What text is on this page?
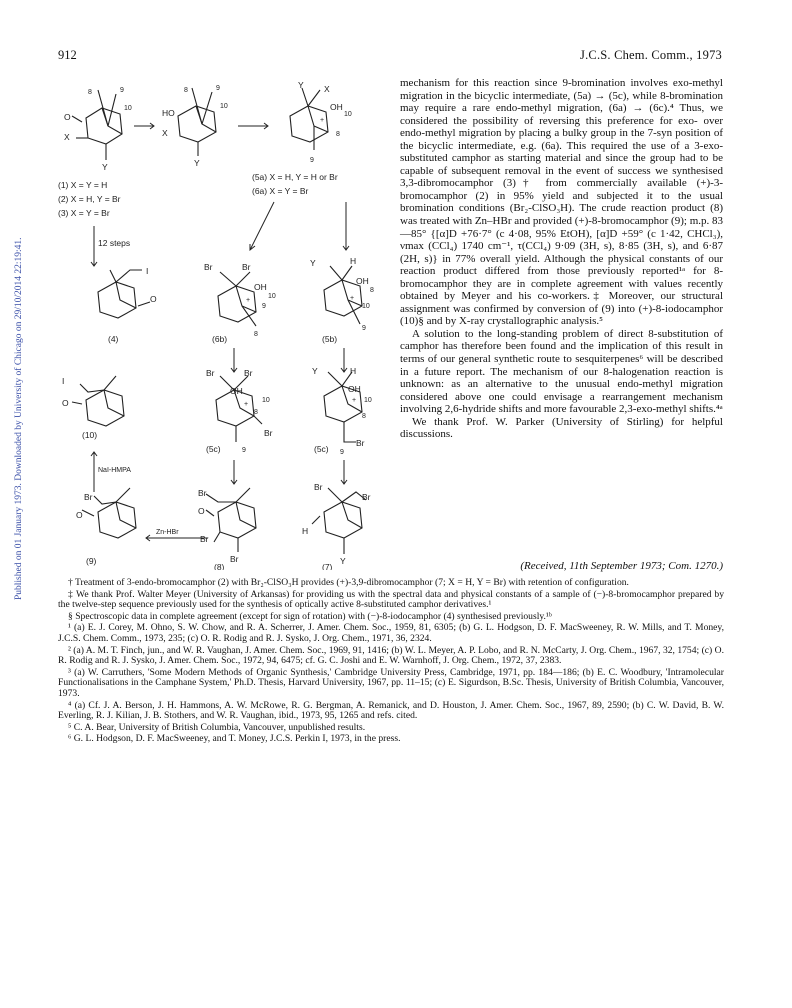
Published on 01 January 1973. Downloaded by University of Chicago on 29/10/2014 22:19:41.
912	J.C.S. Chem. Comm., 1973
O
X
Y
8	9
10	HO
X
Y
8	9
10
Y X
OH
10
8
9
+
(1) X = Y = H
(2) X = H, Y = Br
(3) X = Y = Br
(5a) X = H, Y = H or Br
(6a) X = Y = Br
12 steps
I
O
(4)
Br	Br
OH
10
9
8
+
(6b)
Y	H
OH
8
10
9
+
(5b)
I
O
(10)
Br	Br
OH
10
8
Br
9
+
(5c)
Y	H
OH
10
8
Br
9
+
(5c)
NaI-HMPA
Br
O
(9)
Zn-HBr
Br
O
Br
Br
(8)
Br
Br
H
Y
(7)

mechanism for this reaction since 9-bromination involves exo-methyl migration in the bicyclic intermediate, (5a) → (5c), while 8-bromination may require a rare endo-methyl migration, (6a) → (6c).⁴ Thus, we considered the possibility of reversing this preference for exo- over endo-methyl migration by placing a bulky group in the 7-syn position of the bicyclic intermediate, e.g. (6a). This required the use of a 3-exo-substituted camphor as starting material and since the group had to be capable of subsequent removal in the event of success we synthesised 3,3-dibromocamphor (3)† from commercially available (+)-3-bromocamphor (2) in 95% yield and subjected it to the usual bromination conditions (Br₂-ClSO₃H). The crude reaction product (8) was treated with Zn–HBr and provided (+)-8-bromocamphor (9); m.p. 83—85° {[α]D +76·7° (c 4·08, 95% EtOH), [α]D +59° (c 1·42, CHCl₃), νmax (CCl₄) 1740 cm⁻¹, τ(CCl₄) 9·09 (3H, s), 8·85 (3H, s), and 6·87 (2H, s)} in 77% overall yield. Although the physical constants of our reaction product differed from those previously reported¹ᵃ for 8-bromocamphor they are in complete agreement with values recently obtained by Meyer and his co-workers.‡ Moreover, our structural assignment was confirmed by conversion of (9) into (+)-8-iodocamphor (10)§ and by X-ray crystallographic analysis.⁵

A solution to the long-standing problem of direct 8-substitution of camphor has therefore been found and the implication of this result in terms of our general synthetic route to sesquiterpenes⁶ will be described in a future report. The mechanism of our 8-halogenation reaction is unknown: as an alternative to the unusual endo-methyl migration considered above one could envisage a rearrangement mechanism involving 2,6-hydride shifts and more favourable 2,3-exo-methyl shifts.⁴ᵃ

We thank Prof. W. Parker (University of Stirling) for helpful discussions.

(Received, 11th September 1973; Com. 1270.)

† Treatment of 3-endo-bromocamphor (2) with Br₂-ClSO₃H provides (+)-3,9-dibromocamphor (7; X = H, Y = Br) with retention of configuration.

‡ We thank Prof. Walter Meyer (University of Arkansas) for providing us with the spectral data and physical constants of a sample of (−)-8-bromocamphor prepared by the twelve-step sequence previously used for the synthesis of optically active 8-substituted camphor derivatives.¹

§ Spectroscopic data in complete agreement (except for sign of rotation) with (−)-8-iodocamphor (4) synthesised previously.¹ᵇ

¹ (a) E. J. Corey, M. Ohno, S. W. Chow, and R. A. Scherrer, J. Amer. Chem. Soc., 1959, 81, 6305; (b) G. L. Hodgson, D. F. MacSweeney, R. W. Mills, and T. Money, J.C.S. Chem. Comm., 1973, 235; (c) O. R. Rodig and R. J. Sysko, J. Org. Chem., 1971, 36, 2324.

² (a) A. M. T. Finch, jun., and W. R. Vaughan, J. Amer. Chem. Soc., 1969, 91, 1416; (b) W. L. Meyer, A. P. Lobo, and R. N. McCarty, J. Org. Chem., 1967, 32, 1754; (c) O. R. Rodig and R. J. Sysko, J. Amer. Chem. Soc., 1972, 94, 6475; cf. G. C. Joshi and E. W. Warnhoff, J. Org. Chem., 1972, 37, 2383.

³ (a) W. Carruthers, 'Some Modern Methods of Organic Synthesis,' Cambridge University Press, Cambridge, 1971, pp. 184—186; (b) E. C. Woodbury, 'Intramolecular Functionalisations in the Camphane System,' Ph.D. Thesis, Harvard University, 1967, pp. 11–15; (c) E. Sigurdson, B.Sc. Thesis, University of British Columbia, Vancouver, 1973.

⁴ (a) Cf. J. A. Berson, J. H. Hammons, A. W. McRowe, R. G. Bergman, A. Remanick, and D. Houston, J. Amer. Chem. Soc., 1967, 89, 2590; (b) C. W. David, B. W. Everling, R. J. Kilian, J. B. Stothers, and W. R. Vaughan, ibid., 1973, 95, 1265 and refs. cited.

⁵ C. A. Bear, University of British Columbia, Vancouver, unpublished results.

⁶ G. L. Hodgson, D. F. MacSweeney, and T. Money, J.C.S. Perkin I, 1973, in the press.
